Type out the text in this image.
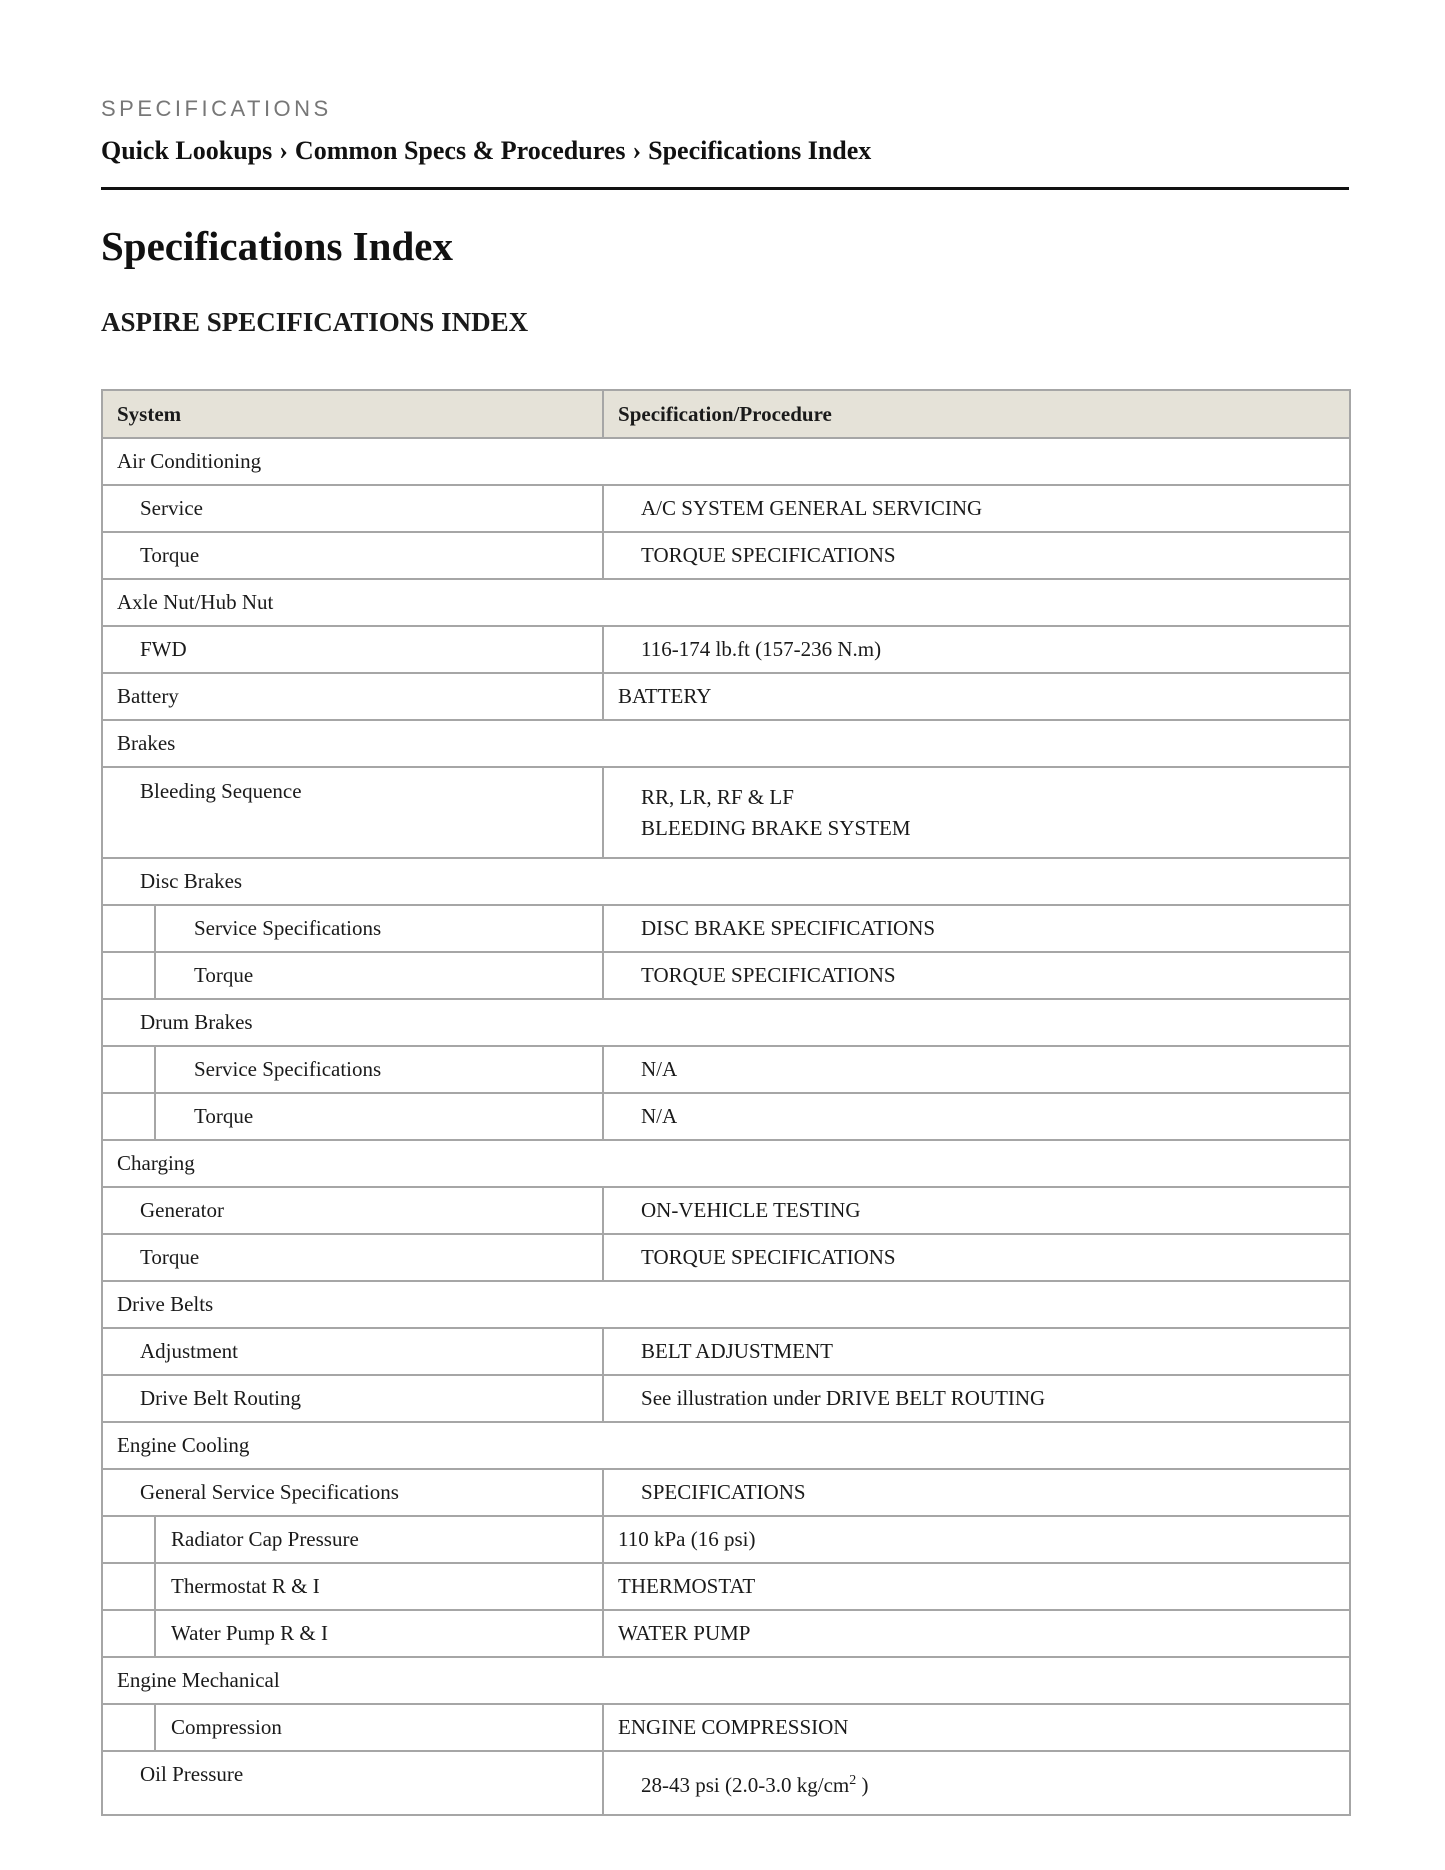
SPECIFICATIONS
Quick Lookups › Common Specs & Procedures › Specifications Index
Specifications Index
ASPIRE SPECIFICATIONS INDEX
System		Specification/Procedure
Air Conditioning		
Service		A/C SYSTEM GENERAL SERVICING
Torque		TORQUE SPECIFICATIONS
Axle Nut/Hub Nut		
FWD		116-174 lb.ft (157-236 N.m)
Battery		BATTERY
Brakes		
Bleeding Sequence		RR, LR, RF & LF
BLEEDING BRAKE SYSTEM

Disc Brakes		
	Service Specifications	DISC BRAKE SPECIFICATIONS
	Torque	TORQUE SPECIFICATIONS
Drum Brakes		
	Service Specifications	N/A
	Torque	N/A
Charging		
Generator		ON-VEHICLE TESTING
Torque		TORQUE SPECIFICATIONS
Drive Belts		
Adjustment		BELT ADJUSTMENT
Drive Belt Routing		See illustration under DRIVE BELT ROUTING
Engine Cooling		
General Service Specifications		SPECIFICATIONS
	Radiator Cap Pressure	110 kPa (16 psi)
	Thermostat R & I	THERMOSTAT
	Water Pump R & I	WATER PUMP
Engine Mechanical		
	Compression	ENGINE COMPRESSION
Oil Pressure		28-43 psi (2.0-3.0 $kg/cm^2$ )
